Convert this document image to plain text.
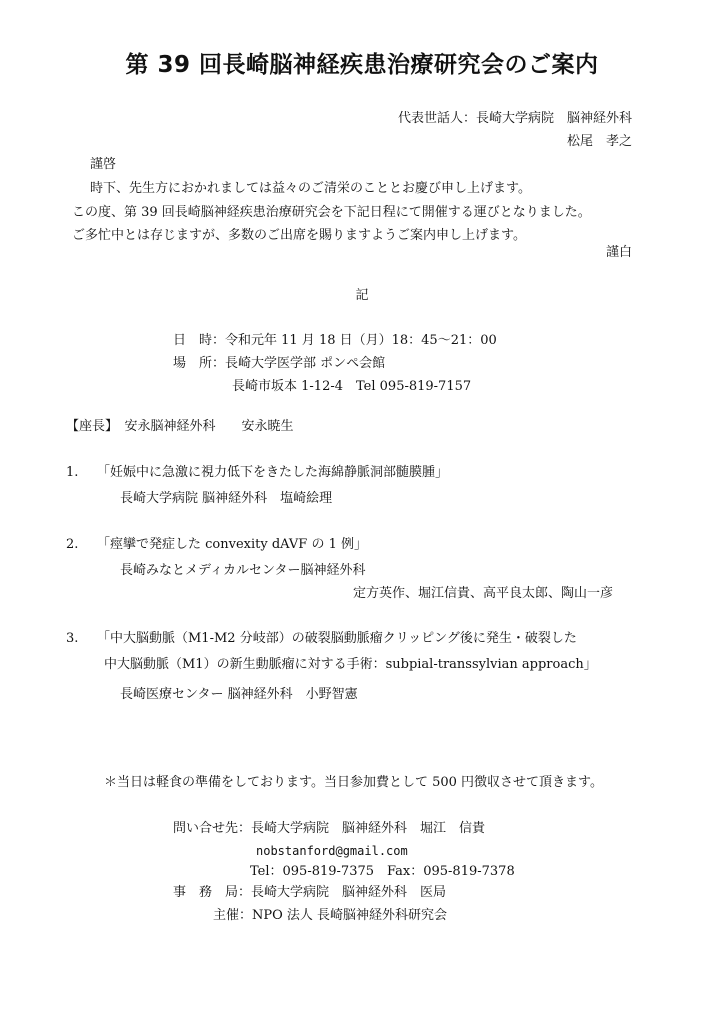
第 39 回長崎脳神経疾患治療研究会のご案内
代表世話人：長崎大学病院　脳神経外科
松尾　孝之
謹啓
時下、先生方におかれましては益々のご清栄のこととお慶び申し上げます。
この度、第 39 回長崎脳神経疾患治療研究会を下記日程にて開催する運びとなりました。
ご多忙中とは存じますが、多数のご出席を賜りますようご案内申し上げます。
謹白
記
日　時：令和元年 11 月 18 日（月）18：45～21：00
場　所：長崎大学医学部 ポンペ会館
長崎市坂本 1-12-4　Tel 095-819-7157
【座長】　安永脳神経外科　　安永暁生
1. 「妊娠中に急激に視力低下をきたした海綿静脈洞部髄膜腫」
長崎大学病院 脳神経外科　塩崎絵理
2. 「痙攣で発症した convexity dAVF の 1 例」
長崎みなとメディカルセンター脳神経外科
定方英作、堀江信貴、高平良太郎、陶山一彦
3. 「中大脳動脈（M1-M2 分岐部）の破裂脳動脈瘤クリッピング後に発生・破裂した
中大脳動脈（M1）の新生動脈瘤に対する手術：subpial-transsylvian approach」
長崎医療センター 脳神経外科　小野智憲
＊当日は軽食の準備をしております。当日参加費として 500 円徴収させて頂きます。
問い合せ先：長崎大学病院　脳神経外科　堀江　信貴
nobstanford@gmail.com
Tel：095-819-7375　Fax：095-819-7378
事　務　局：長崎大学病院　脳神経外科　医局
主催：NPO 法人 長崎脳神経外科研究会
